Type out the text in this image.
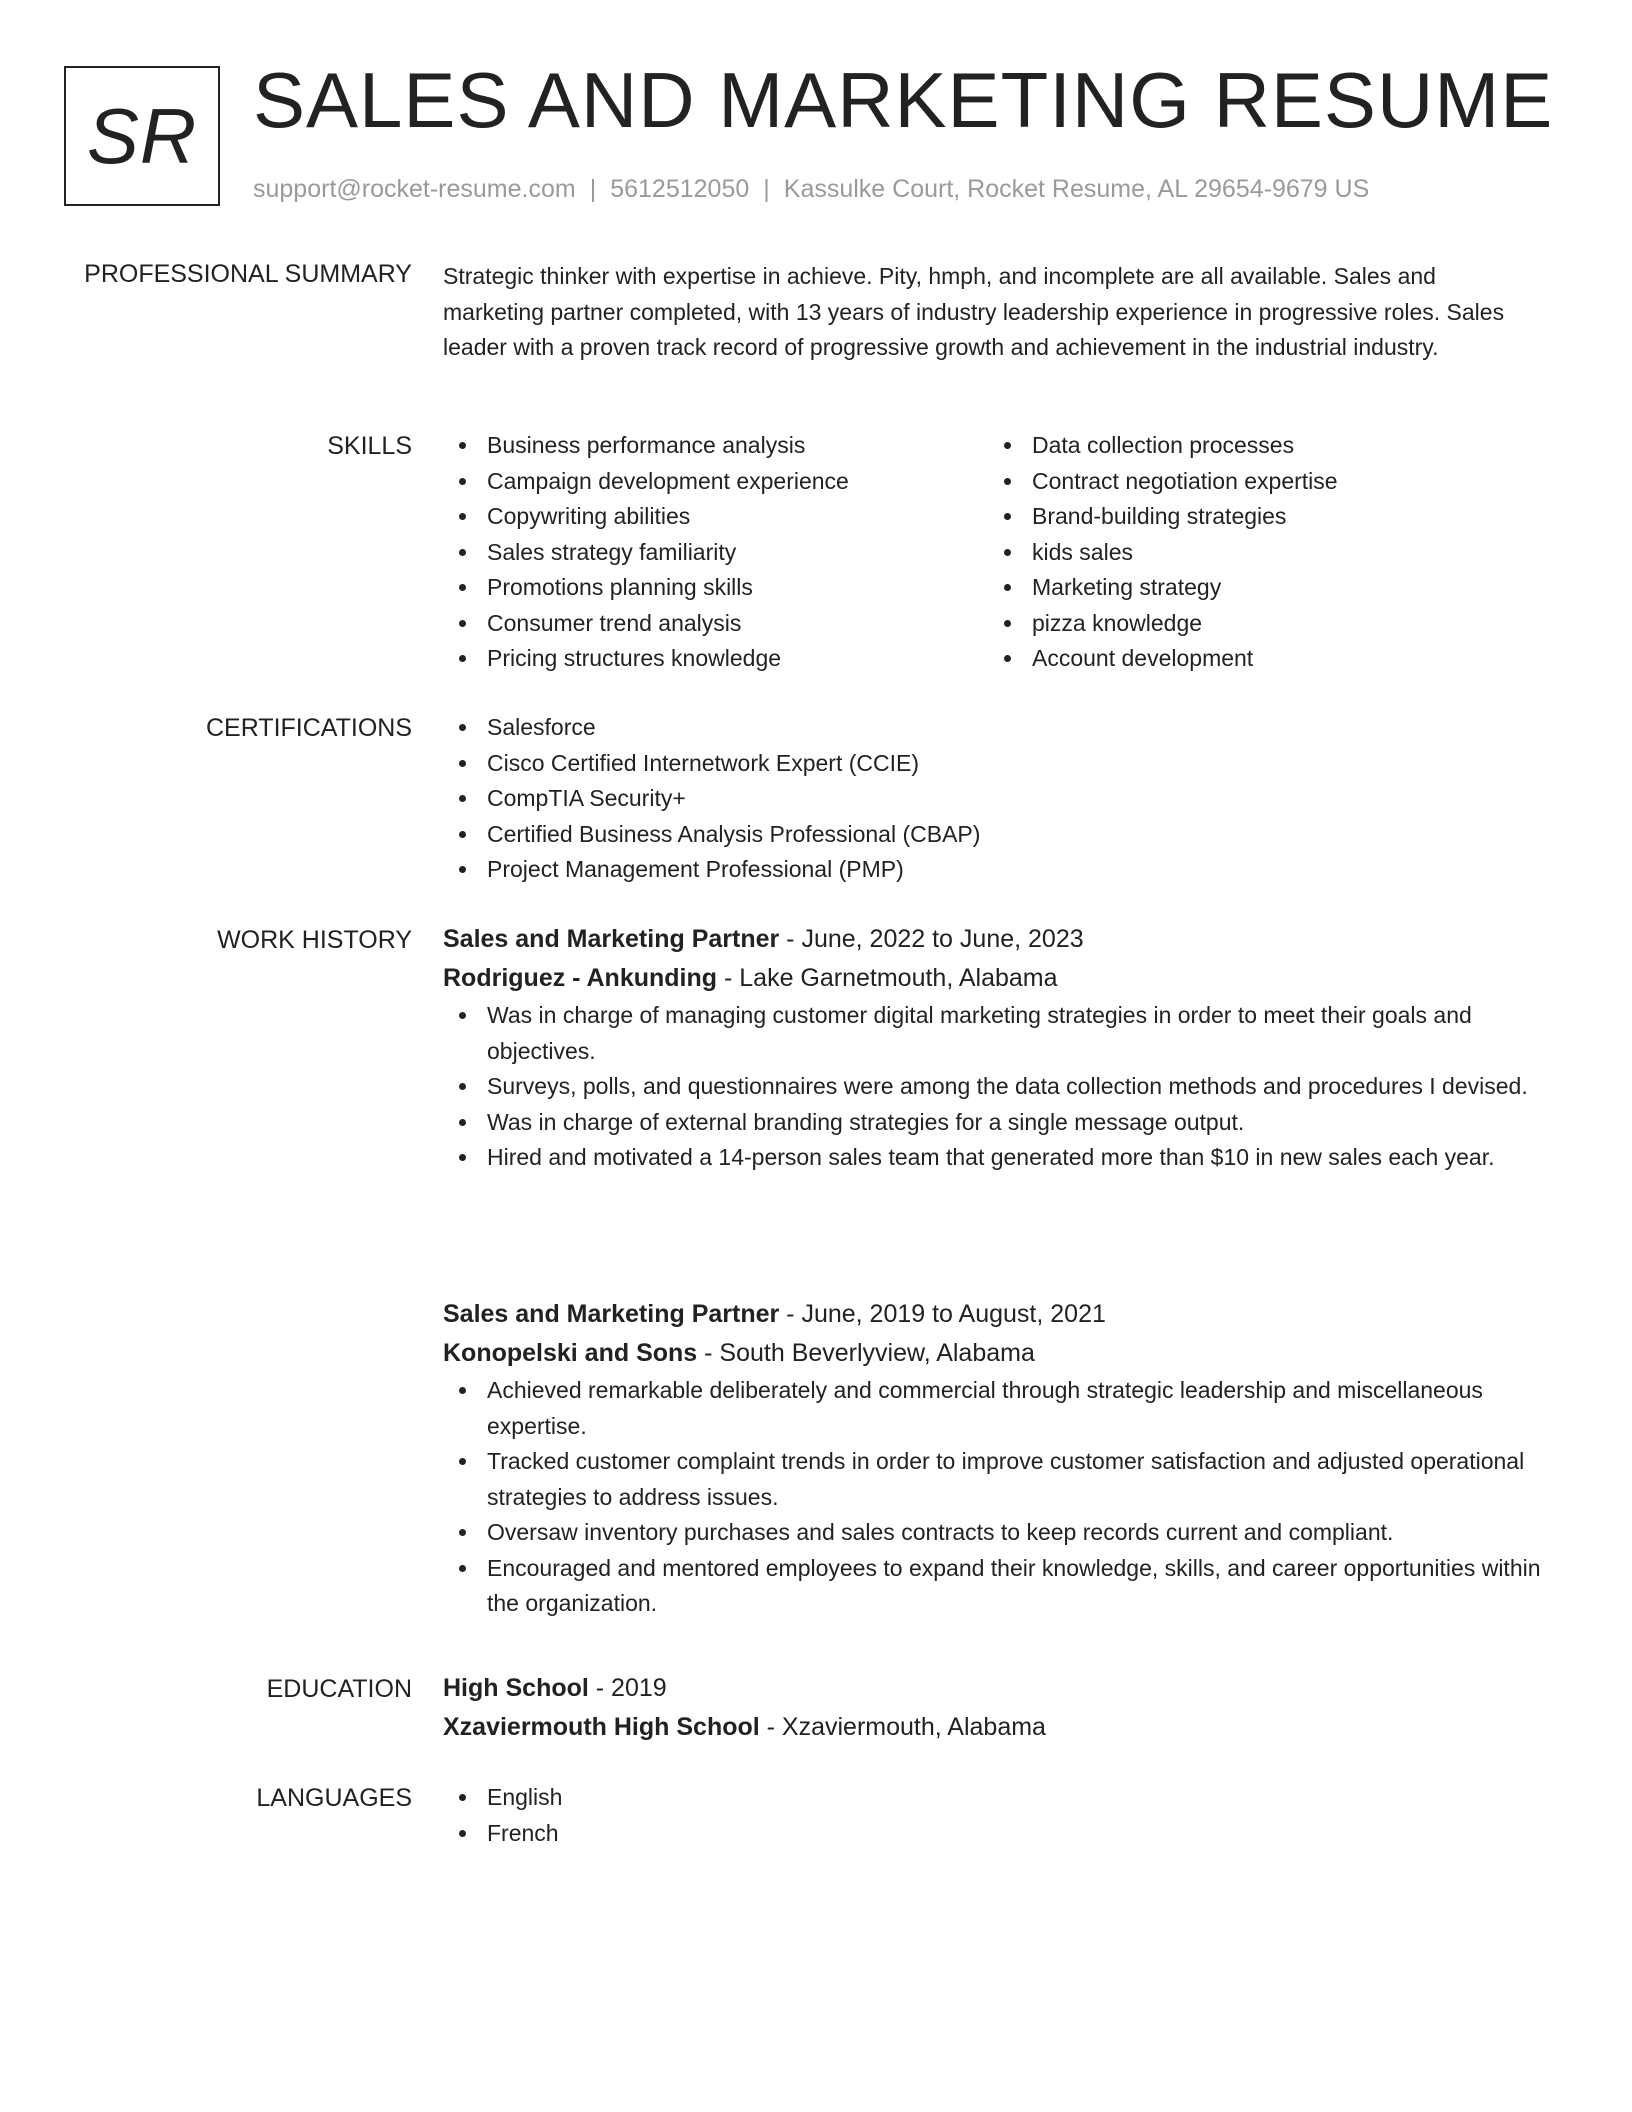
SR SALES AND MARKETING RESUME
support@rocket-resume.com | 5612512050 | Kassulke Court, Rocket Resume, AL 29654-9679 US
PROFESSIONAL SUMMARY Strategic thinker with expertise in achieve. Pity, hmph, and incomplete are all available. Sales and marketing partner completed, with 13 years of industry leadership experience in progressive roles. Sales leader with a proven track record of progressive growth and achievement in the industrial industry.

SKILLS	Business performance analysis
Campaign development experience
Copywriting abilities
Sales strategy familiarity
Promotions planning skills
Consumer trend analysis
Pricing structures knowledge
Data collection processes
Contract negotiation expertise
Brand-building strategies
kids sales
Marketing strategy
pizza knowledge
Account development
CERTIFICATIONS	Salesforce
Cisco Certified Internetwork Expert (CCIE)
CompTIA Security+
Certified Business Analysis Professional (CBAP)
Project Management Professional (PMP)
WORK HISTORY Sales and Marketing Partner - June, 2022 to June, 2023
Rodriguez - Ankunding - Lake Garnetmouth, Alabama
Was in charge of managing customer digital marketing strategies in order to meet their goals and objectives.
Surveys, polls, and questionnaires were among the data collection methods and procedures I devised.
Was in charge of external branding strategies for a single message output.
Hired and motivated a 14-person sales team that generated more than $10 in new sales each year.
Sales and Marketing Partner - June, 2019 to August, 2021
Konopelski and Sons - South Beverlyview, Alabama
Achieved remarkable deliberately and commercial through strategic leadership and miscellaneous expertise.
Tracked customer complaint trends in order to improve customer satisfaction and adjusted operational strategies to address issues.
Oversaw inventory purchases and sales contracts to keep records current and compliant.
Encouraged and mentored employees to expand their knowledge, skills, and career opportunities within the organization.
EDUCATION High School - 2019
Xzaviermouth High School - Xzaviermouth, Alabama
LANGUAGES	English
French
